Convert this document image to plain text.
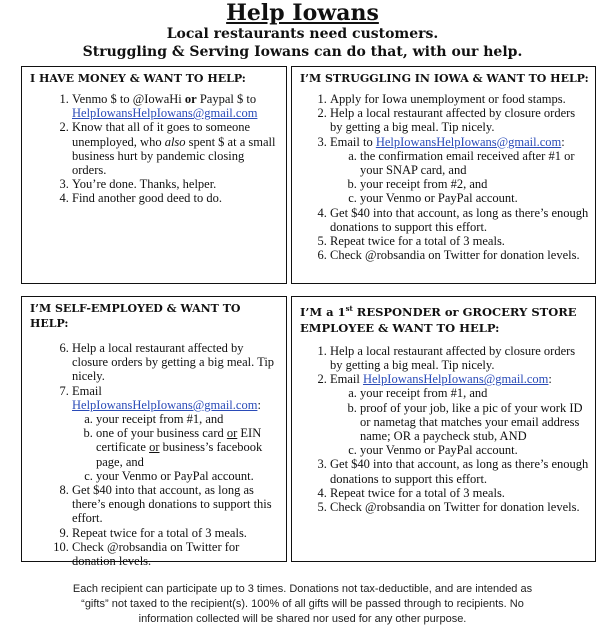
Help Iowans
Local restaurants need customers.
Struggling & Serving Iowans can do that, with our help.
I HAVE MONEY & WANT TO HELP:
1. Venmo $ to @IowaHi or Paypal $ to
HelpIowansHelpIowans@gmail.com
2. Know that all of it goes to someone unemployed, who also spent $ at a small business hurt by pandemic closing orders.
3. You’re done. Thanks, helper.
4. Find another good deed to do.
I’M STRUGGLING IN IOWA & WANT TO HELP:
1. Apply for Iowa unemployment or food stamps.
2. Help a local restaurant affected by closure orders by getting a big meal. Tip nicely.
3. Email to HelpIowansHelpIowans@gmail.com:
a. the confirmation email received after #1 or your SNAP card, and
b. your receipt from #2, and
c. your Venmo or PayPal account.
4. Get $40 into that account, as long as there’s enough donations to support this effort.
5. Repeat twice for a total of 3 meals.
6. Check @robsandia on Twitter for donation levels.
I’M SELF-EMPLOYED & WANT TO HELP:
6. Help a local restaurant affected by closure orders by getting a big meal. Tip nicely.
7. Email
HelpIowansHelpIowans@gmail.com:
a. your receipt from #1, and
b. one of your business card or EIN certificate or business’s facebook page, and
c. your Venmo or PayPal account.
8. Get $40 into that account, as long as there’s enough donations to support this effort.
9. Repeat twice for a total of 3 meals.
10. Check @robsandia on Twitter for donation levels.
I’M a 1st RESPONDER or GROCERY STORE EMPLOYEE & WANT TO HELP:
1. Help a local restaurant affected by closure orders by getting a big meal. Tip nicely.
2. Email HelpIowansHelpIowans@gmail.com:
a. your receipt from #1, and
b. proof of your job, like a pic of your work ID or nametag that matches your email address name; OR a paycheck stub, AND
c. your Venmo or PayPal account.
3. Get $40 into that account, as long as there’s enough donations to support this effort.
4. Repeat twice for a total of 3 meals.
5. Check @robsandia on Twitter for donation levels.
Each recipient can participate up to 3 times. Donations not tax-deductible, and are intended as
“gifts” not taxed to the recipient(s). 100% of all gifts will be passed through to recipients. No
information collected will be shared nor used for any other purpose.
